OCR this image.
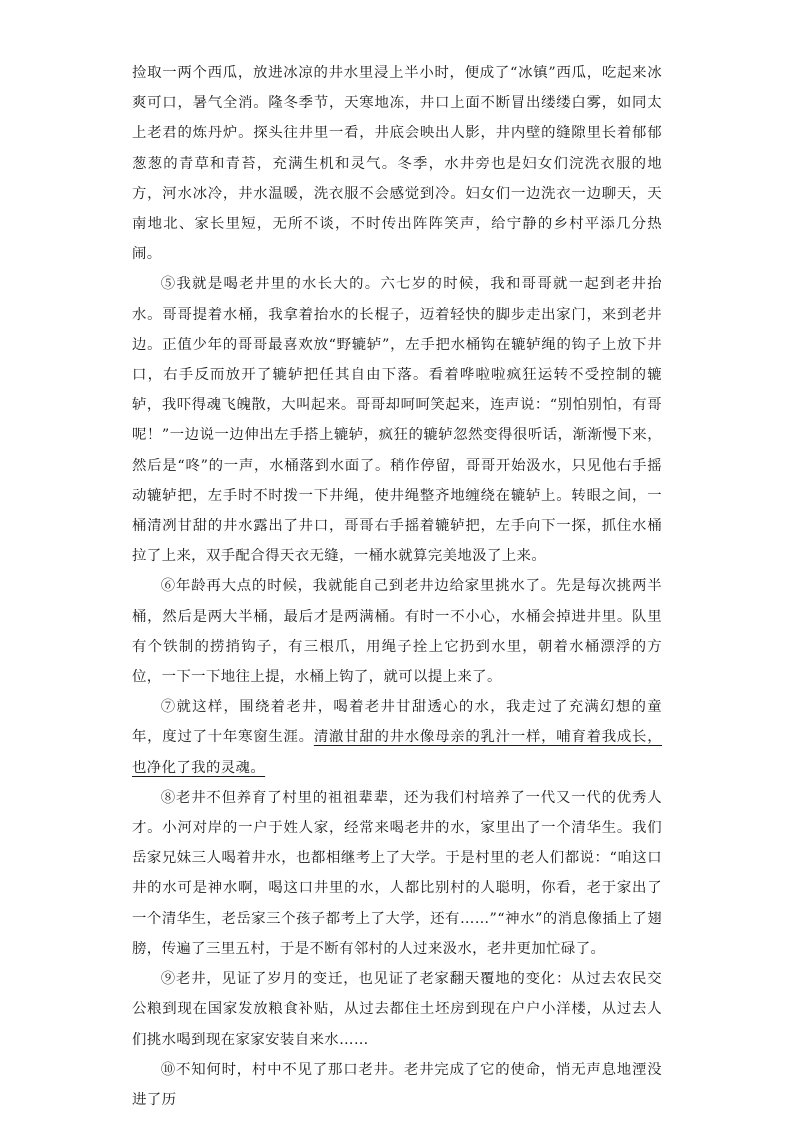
捡取一两个西瓜，放进冰凉的井水里浸上半小时，便成了“冰镇”西瓜，吃起来冰爽可口，暑气全消。隆冬季节，天寒地冻，井口上面不断冒出缕缕白雾，如同太上老君的炼丹炉。探头往井里一看，井底会映出人影，井内壁的缝隙里长着郁郁葱葱的青草和青苔，充满生机和灵气。冬季，水井旁也是妇女们浣洗衣服的地方，河水冰冷，井水温暖，洗衣服不会感觉到冷。妇女们一边洗衣一边聊天，天南地北、家长里短，无所不谈，不时传出阵阵笑声，给宁静的乡村平添几分热闹。

⑤我就是喝老井里的水长大的。六七岁的时候，我和哥哥就一起到老井抬水。哥哥提着水桶，我拿着抬水的长棍子，迈着轻快的脚步走出家门，来到老井边。正值少年的哥哥最喜欢放“野辘轳”，左手把水桶钩在辘轳绳的钩子上放下井口，右手反而放开了辘轳把任其自由下落。看着哗啦啦疯狂运转不受控制的辘轳，我吓得魂飞魄散，大叫起来。哥哥却呵呵笑起来，连声说：“别怕别怕，有哥呢！”一边说一边伸出左手搭上辘轳，疯狂的辘轳忽然变得很听话，渐渐慢下来，然后是“咚”的一声，水桶落到水面了。稍作停留，哥哥开始汲水，只见他右手摇动辘轳把，左手时不时拨一下井绳，使井绳整齐地缠绕在辘轳上。转眼之间，一桶清冽甘甜的井水露出了井口，哥哥右手摇着辘轳把，左手向下一探，抓住水桶拉了上来，双手配合得天衣无缝，一桶水就算完美地汲了上来。

⑥年龄再大点的时候，我就能自己到老井边给家里挑水了。先是每次挑两半桶，然后是两大半桶，最后才是两满桶。有时一不小心，水桶会掉进井里。队里有个铁制的捞捎钩子，有三根爪，用绳子拴上它扔到水里，朝着水桶漂浮的方位，一下一下地往上提，水桶上钩了，就可以提上来了。

⑦就这样，围绕着老井，喝着老井甘甜透心的水，我走过了充满幻想的童年，度过了十年寒窗生涯。清澈甘甜的井水像母亲的乳汁一样，哺育着我成长，也净化了我的灵魂。

⑧老井不但养育了村里的祖祖辈辈，还为我们村培养了一代又一代的优秀人才。小河对岸的一户于姓人家，经常来喝老井的水，家里出了一个清华生。我们岳家兄妹三人喝着井水，也都相继考上了大学。于是村里的老人们都说：“咱这口井的水可是神水啊，喝这口井里的水，人都比别村的人聪明，你看，老于家出了一个清华生，老岳家三个孩子都考上了大学，还有……”“神水”的消息像插上了翅膀，传遍了三里五村，于是不断有邻村的人过来汲水，老井更加忙碌了。

⑨老井，见证了岁月的变迁，也见证了老家翻天覆地的变化：从过去农民交公粮到现在国家发放粮食补贴，从过去都住土坯房到现在户户小洋楼，从过去人们挑水喝到现在家家安装自来水……

⑩不知何时，村中不见了那口老井。老井完成了它的使命，悄无声息地湮没进了历
